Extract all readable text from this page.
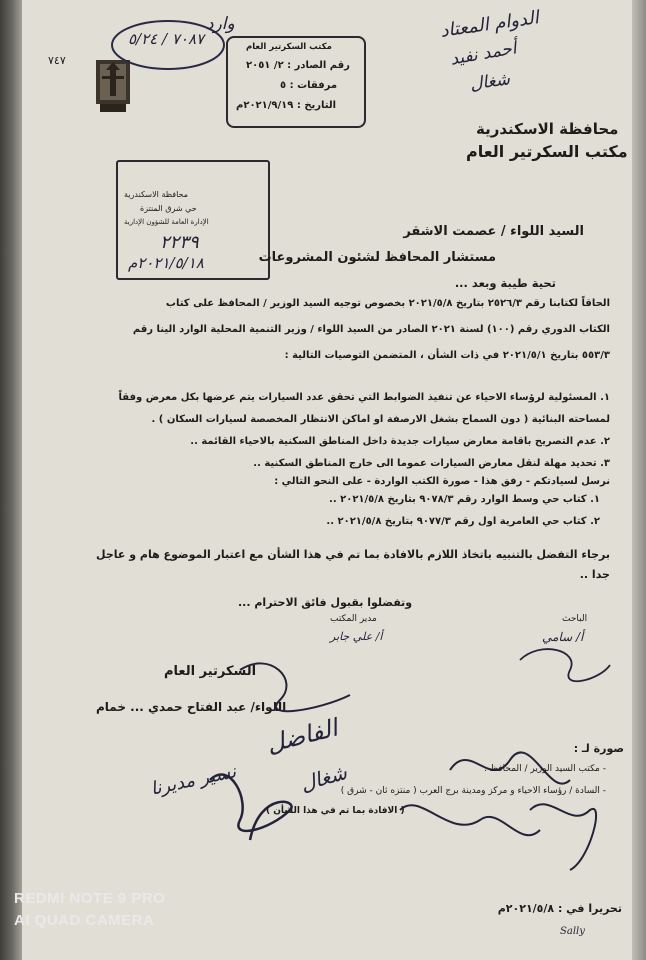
٧٤٧
٧٠٨٧ / ٥/٢٤
وارد
مكتب السكرتير العام
رقم الصادر : ٢/ ٢٠٥١
مرفقات : ٥
التاريخ : ٢٠٢١/٩/١٩م
الدوام المعتاد
أحمد نفيد
شغال
محافظة الاسكندرية
مكتب السكرتير العام
محافظة الاسكندرية
حي شرق المنتزة
الإدارة العامة للشؤون الإدارية
٢٢٣٩
٢٠٢١/٥/١٨م
السيد اللواء / عصمت الاشقر
مستشار المحافظ لشئون المشروعات
تحية طيبة وبعد ...
الحاقاً لكتابنا رقم ٢٥٢٦/٣ بتاريخ ٢٠٢١/٥/٨ بخصوص توجيه السيد الوزير / المحافظ على كتاب
الكتاب الدوري رقم (١٠٠) لسنة ٢٠٢١ الصادر من السيد اللواء / وزير التنمية المحلية الوارد الينا رقم
٥٥٣/٣ بتاريخ ٢٠٢١/٥/١ في ذات الشأن ، المتضمن التوصيات التالية :
١. المسئولية لرؤساء الاحياء عن تنفيذ الضوابط التي تحقق عدد السيارات يتم عرضها بكل معرض وفقاً
لمساحته البنائية ( دون السماح بشغل الارصفة او اماكن الانتظار المخصصة لسيارات السكان ) .
٢. عدم التصريح باقامة معارض سيارات جديدة داخل المناطق السكنية بالاحياء القائمة ..
٣. تحديد مهلة لنقل معارض السيارات عموما الى خارج المناطق السكنية ..
نرسل لسيادتكم - رفق هذا - صورة الكتب الواردة - على النحو التالي :
١. كتاب حي وسط الوارد رقم ٩٠٧٨/٣ بتاريخ ٢٠٢١/٥/٨ ..
٢. كتاب حي العامرية اول رقم ٩٠٧٧/٣ بتاريخ ٢٠٢١/٥/٨ ..
برجاء التفضل بالتنبيه باتخاذ اللازم بالافادة بما تم في هذا الشأن مع اعتبار الموضوع هام و عاجل
جدا ..
وتفضلوا بقبول فائق الاحترام ...
مدير المكتب
أ/ علي جابر
الباحث
أ/ سامي
السكرتير العام
اللواء/ عبد الفتاح حمدي ... خمام
الفاضل
شغال
نسير مديرنا
صورة لـ :
- مكتب السيد الوزير / المحافظ .
- السادة / رؤساء الاحياء و مركز ومدينة برج العرب ( منتزه ثان - شرق )
( الافادة بما تم في هذا الشأن )
تحريرا في : ٢٠٢١/٥/٨م
Sally
REDMI NOTE 9 PRO
AI QUAD CAMERA
